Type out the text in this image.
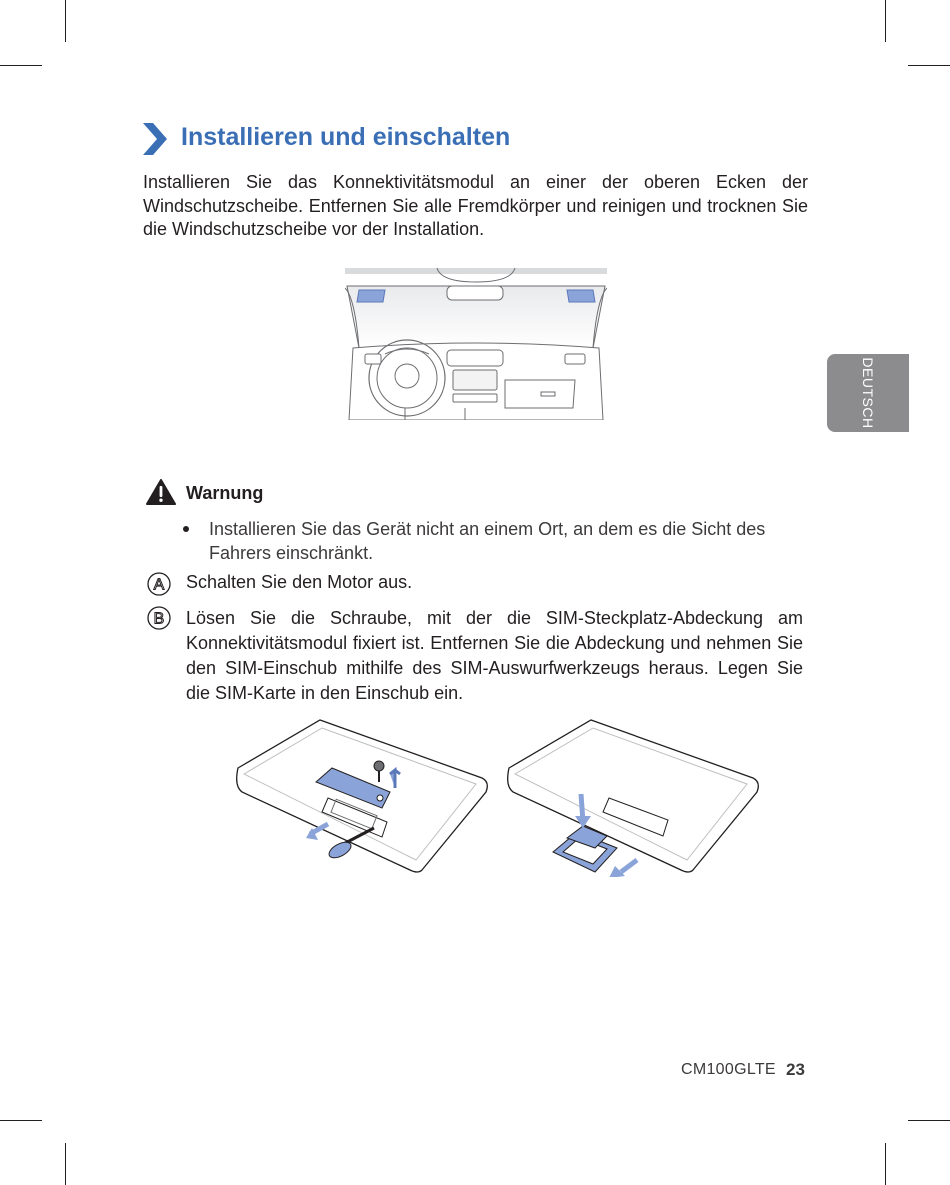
Installieren und einschalten

Installieren Sie das Konnektivitätsmodul an einer der oberen Ecken der Windschutzscheibe. Entfernen Sie alle Fremdkörper und reinigen und trocknen Sie die Windschutzscheibe vor der Installation.

DEUTSCH
Warnung
Installieren Sie das Gerät nicht an einem Ort, an dem es die Sicht des Fahrers einschränkt.
A Schalten Sie den Motor aus.
B Lösen Sie die Schraube, mit der die SIM-Steckplatz-Abdeckung am Konnektivitätsmodul fixiert ist. Entfernen Sie die Abdeckung und nehmen Sie den SIM-Einschub mithilfe des SIM-Auswurfwerkzeugs heraus. Legen Sie die SIM-Karte in den Einschub ein.
CM100GLTE 23
